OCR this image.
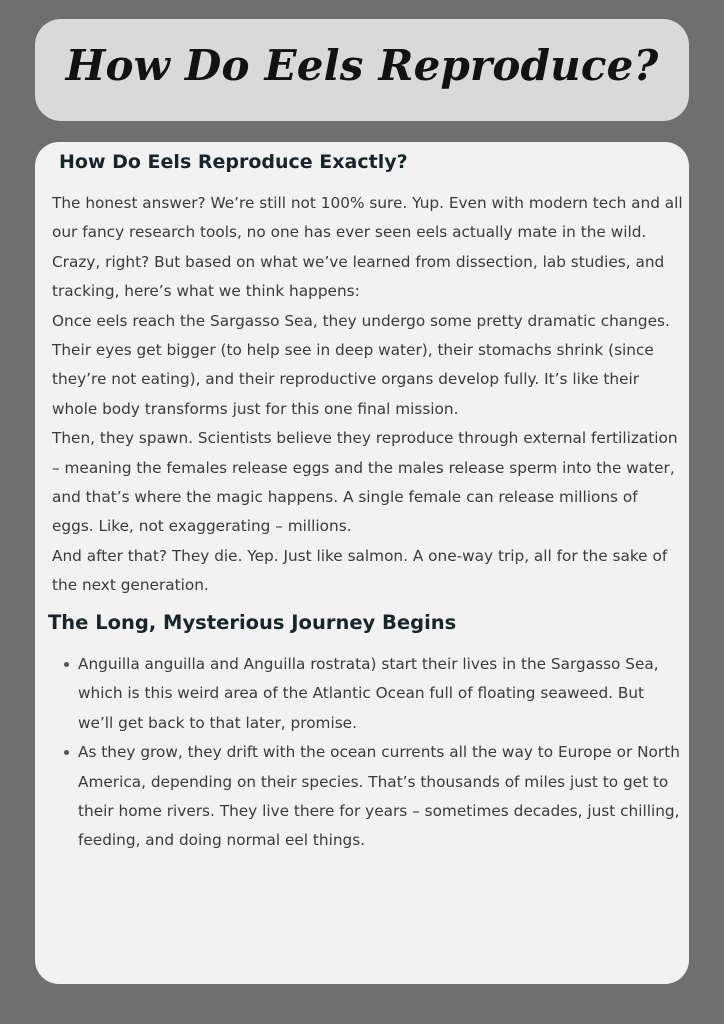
How Do Eels Reproduce?
How Do Eels Reproduce Exactly?

The honest answer? We’re still not 100% sure. Yup. Even with modern tech and all our fancy research tools, no one has ever seen eels actually mate in the wild. Crazy, right? But based on what we’ve learned from dissection, lab studies, and tracking, here’s what we think happens:

Once eels reach the Sargasso Sea, they undergo some pretty dramatic changes. Their eyes get bigger (to help see in deep water), their stomachs shrink (since they’re not eating), and their reproductive organs develop fully. It’s like their whole body transforms just for this one final mission.

Then, they spawn. Scientists believe they reproduce through external fertilization – meaning the females release eggs and the males release sperm into the water, and that’s where the magic happens. A single female can release millions of eggs. Like, not exaggerating – millions.

And after that? They die. Yep. Just like salmon. A one-way trip, all for the sake of the next generation.

The Long, Mysterious Journey Begins
Anguilla anguilla and Anguilla rostrata) start their lives in the Sargasso Sea, which is this weird area of the Atlantic Ocean full of floating seaweed. But we’ll get back to that later, promise.
As they grow, they drift with the ocean currents all the way to Europe or North America, depending on their species. That’s thousands of miles just to get to their home rivers. They live there for years – sometimes decades, just chilling, feeding, and doing normal eel things.
